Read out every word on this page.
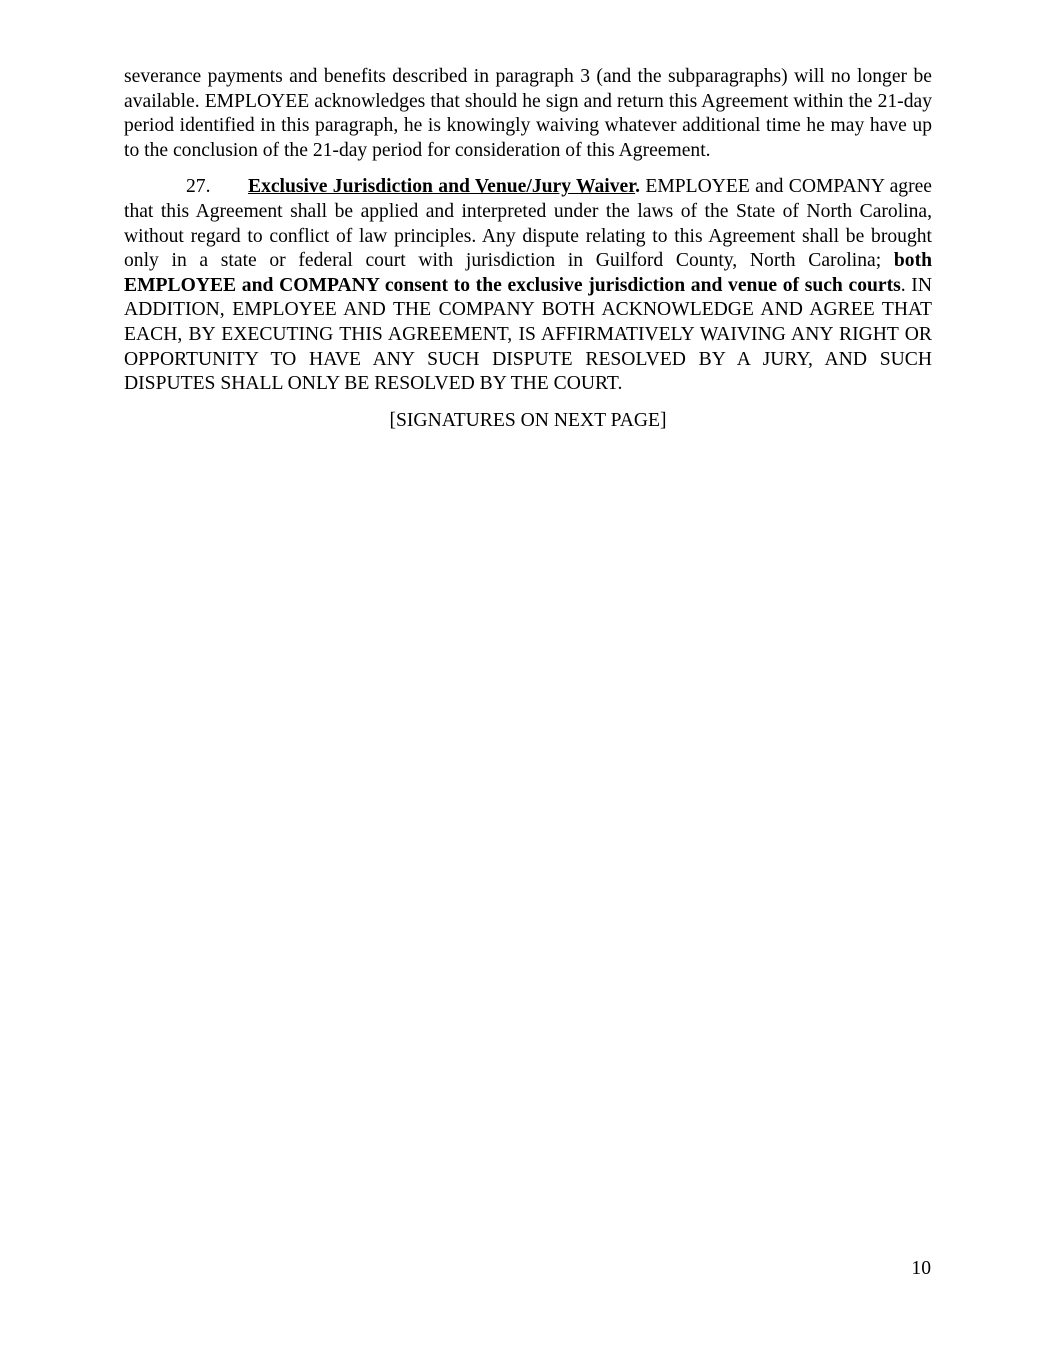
severance payments and benefits described in paragraph 3 (and the subparagraphs) will no longer be available. EMPLOYEE acknowledges that should he sign and return this Agreement within the 21-day period identified in this paragraph, he is knowingly waiving whatever additional time he may have up to the conclusion of the 21-day period for consideration of this Agreement.

27. Exclusive Jurisdiction and Venue/Jury Waiver. EMPLOYEE and COMPANY agree that this Agreement shall be applied and interpreted under the laws of the State of North Carolina, without regard to conflict of law principles. Any dispute relating to this Agreement shall be brought only in a state or federal court with jurisdiction in Guilford County, North Carolina; both EMPLOYEE and COMPANY consent to the exclusive jurisdiction and venue of such courts. IN ADDITION, EMPLOYEE AND THE COMPANY BOTH ACKNOWLEDGE AND AGREE THAT EACH, BY EXECUTING THIS AGREEMENT, IS AFFIRMATIVELY WAIVING ANY RIGHT OR OPPORTUNITY TO HAVE ANY SUCH DISPUTE RESOLVED BY A JURY, AND SUCH DISPUTES SHALL ONLY BE RESOLVED BY THE COURT.

[SIGNATURES ON NEXT PAGE]

10
